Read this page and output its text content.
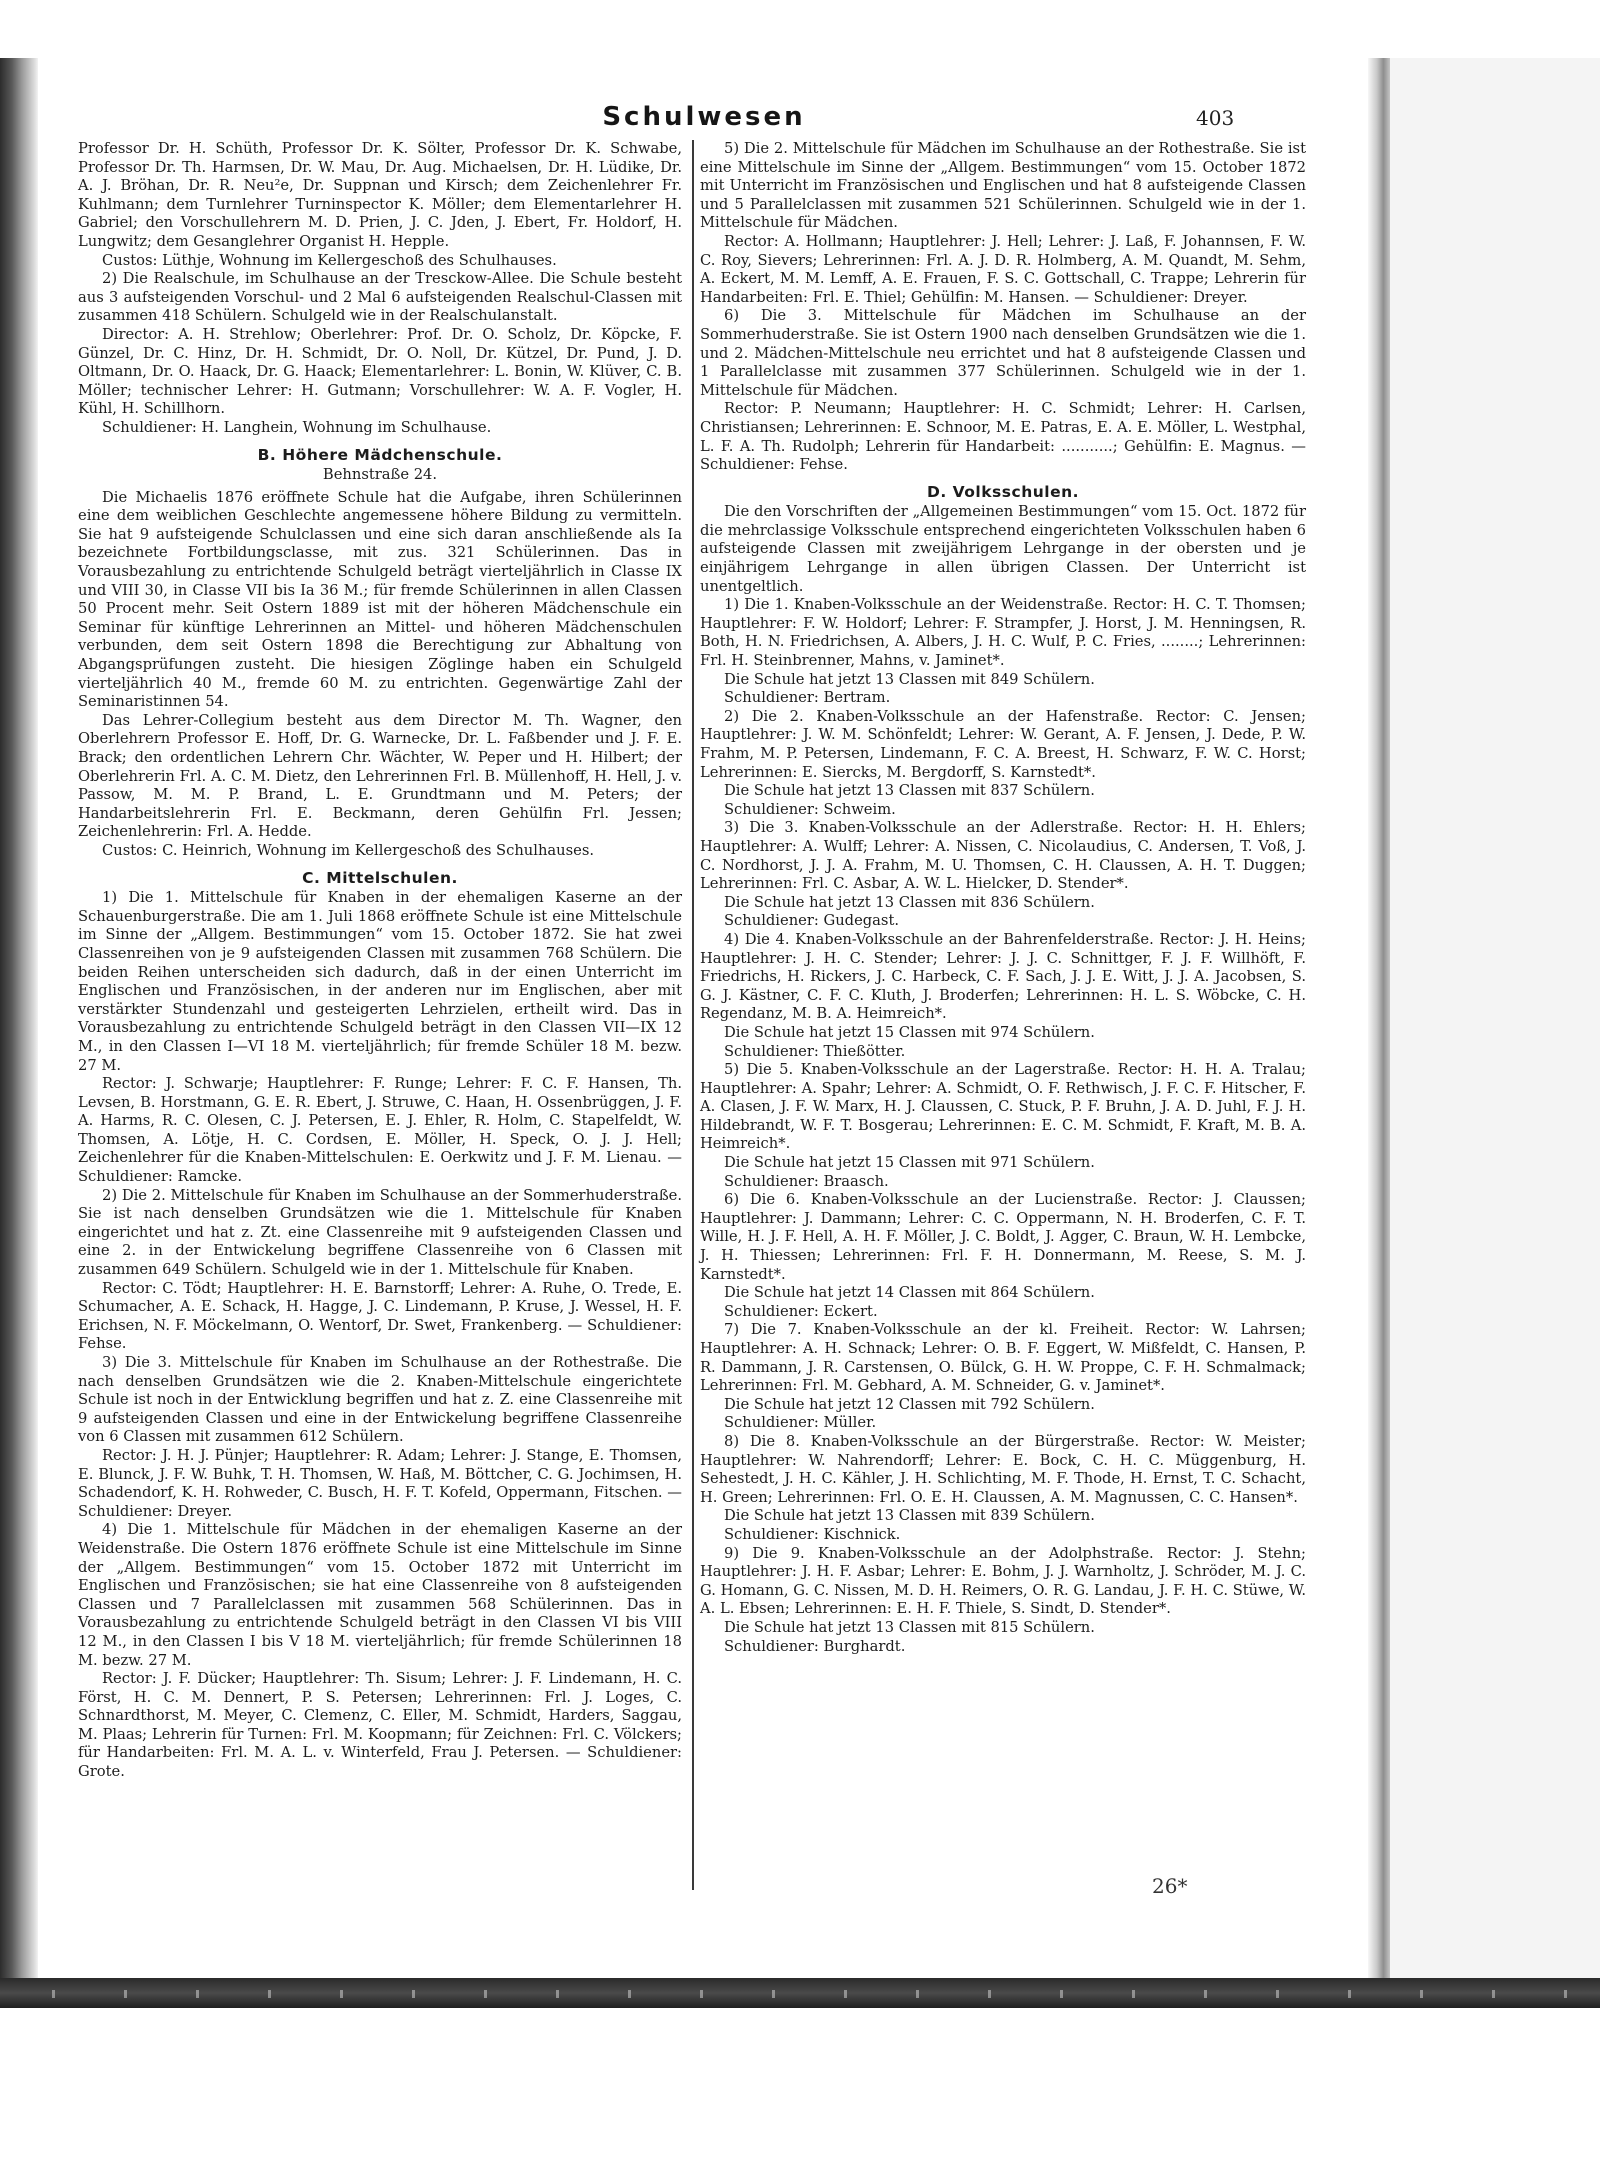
Schulwesen	403

Professor Dr. H. Schüth, Professor Dr. K. Sölter, Professor Dr. K. Schwabe, Professor Dr. Th. Harmsen, Dr. W. Mau, Dr. Aug. Michaelsen, Dr. H. Lüdike, Dr. A. J. Bröhan, Dr. R. Neu²e, Dr. Suppnan und Kirsch; dem Zeichenlehrer Fr. Kuhlmann; dem Turnlehrer Turninspector K. Möller; dem Elementarlehrer H. Gabriel; den Vorschullehrern M. D. Prien, J. C. Jden, J. Ebert, Fr. Holdorf, H. Lungwitz; dem Gesanglehrer Organist H. Hepple.

Custos: Lüthje, Wohnung im Kellergeschoß des Schulhauses.

2) Die Realschule, im Schulhause an der Tresckow-Allee. Die Schule besteht aus 3 aufsteigenden Vorschul- und 2 Mal 6 aufsteigenden Realschul-Classen mit zusammen 418 Schülern. Schulgeld wie in der Realschulanstalt.

Director: A. H. Strehlow; Oberlehrer: Prof. Dr. O. Scholz, Dr. Köpcke, F. Günzel, Dr. C. Hinz, Dr. H. Schmidt, Dr. O. Noll, Dr. Kützel, Dr. Pund, J. D. Oltmann, Dr. O. Haack, Dr. G. Haack; Elementarlehrer: L. Bonin, W. Klüver, C. B. Möller; technischer Lehrer: H. Gutmann; Vorschullehrer: W. A. F. Vogler, H. Kühl, H. Schillhorn.

Schuldiener: H. Langhein, Wohnung im Schulhause.

B. Höhere Mädchenschule.
Behnstraße 24.

Die Michaelis 1876 eröffnete Schule hat die Aufgabe, ihren Schülerinnen eine dem weiblichen Geschlechte angemessene höhere Bildung zu vermitteln. Sie hat 9 aufsteigende Schulclassen und eine sich daran anschließende als Ia bezeichnete Fortbildungsclasse, mit zus. 321 Schülerinnen. Das in Vorausbezahlung zu entrichtende Schulgeld beträgt vierteljährlich in Classe IX und VIII 30, in Classe VII bis Ia 36 M.; für fremde Schülerinnen in allen Classen 50 Procent mehr. Seit Ostern 1889 ist mit der höheren Mädchenschule ein Seminar für künftige Lehrerinnen an Mittel- und höheren Mädchenschulen verbunden, dem seit Ostern 1898 die Berechtigung zur Abhaltung von Abgangsprüfungen zusteht. Die hiesigen Zöglinge haben ein Schulgeld vierteljährlich 40 M., fremde 60 M. zu entrichten. Gegenwärtige Zahl der Seminaristinnen 54.

Das Lehrer-Collegium besteht aus dem Director M. Th. Wagner, den Oberlehrern Professor E. Hoff, Dr. G. Warnecke, Dr. L. Faßbender und J. F. E. Brack; den ordentlichen Lehrern Chr. Wächter, W. Peper und H. Hilbert; der Oberlehrerin Frl. A. C. M. Dietz, den Lehrerinnen Frl. B. Müllenhoff, H. Hell, J. v. Passow, M. M. P. Brand, L. E. Grundtmann und M. Peters; der Handarbeitslehrerin Frl. E. Beckmann, deren Gehülfin Frl. Jessen; Zeichenlehrerin: Frl. A. Hedde.

Custos: C. Heinrich, Wohnung im Kellergeschoß des Schulhauses.

C. Mittelschulen.

1) Die 1. Mittelschule für Knaben in der ehemaligen Kaserne an der Schauenburgerstraße. Die am 1. Juli 1868 eröffnete Schule ist eine Mittelschule im Sinne der „Allgem. Bestimmungen“ vom 15. October 1872. Sie hat zwei Classenreihen von je 9 aufsteigenden Classen mit zusammen 768 Schülern. Die beiden Reihen unterscheiden sich dadurch, daß in der einen Unterricht im Englischen und Französischen, in der anderen nur im Englischen, aber mit verstärkter Stundenzahl und gesteigerten Lehrzielen, ertheilt wird. Das in Vorausbezahlung zu entrichtende Schulgeld beträgt in den Classen VII—IX 12 M., in den Classen I—VI 18 M. vierteljährlich; für fremde Schüler 18 M. bezw. 27 M.

Rector: J. Schwarje; Hauptlehrer: F. Runge; Lehrer: F. C. F. Hansen, Th. Levsen, B. Horstmann, G. E. R. Ebert, J. Struwe, C. Haan, H. Ossenbrüggen, J. F. A. Harms, R. C. Olesen, C. J. Petersen, E. J. Ehler, R. Holm, C. Stapelfeldt, W. Thomsen, A. Lötje, H. C. Cordsen, E. Möller, H. Speck, O. J. J. Hell; Zeichenlehrer für die Knaben-Mittelschulen: E. Oerkwitz und J. F. M. Lienau. — Schuldiener: Ramcke.

2) Die 2. Mittelschule für Knaben im Schulhause an der Sommerhuderstraße. Sie ist nach denselben Grundsätzen wie die 1. Mittelschule für Knaben eingerichtet und hat z. Zt. eine Classenreihe mit 9 aufsteigenden Classen und eine 2. in der Entwickelung begriffene Classenreihe von 6 Classen mit zusammen 649 Schülern. Schulgeld wie in der 1. Mittelschule für Knaben.

Rector: C. Tödt; Hauptlehrer: H. E. Barnstorff; Lehrer: A. Ruhe, O. Trede, E. Schumacher, A. E. Schack, H. Hagge, J. C. Lindemann, P. Kruse, J. Wessel, H. F. Erichsen, N. F. Möckelmann, O. Wentorf, Dr. Swet, Frankenberg. — Schuldiener: Fehse.

3) Die 3. Mittelschule für Knaben im Schulhause an der Rothestraße. Die nach denselben Grundsätzen wie die 2. Knaben-Mittelschule eingerichtete Schule ist noch in der Entwicklung begriffen und hat z. Z. eine Classenreihe mit 9 aufsteigenden Classen und eine in der Entwickelung begriffene Classenreihe von 6 Classen mit zusammen 612 Schülern.

Rector: J. H. J. Pünjer; Hauptlehrer: R. Adam; Lehrer: J. Stange, E. Thomsen, E. Blunck, J. F. W. Buhk, T. H. Thomsen, W. Haß, M. Böttcher, C. G. Jochimsen, H. Schadendorf, K. H. Rohweder, C. Busch, H. F. T. Kofeld, Oppermann, Fitschen. — Schuldiener: Dreyer.

4) Die 1. Mittelschule für Mädchen in der ehemaligen Kaserne an der Weidenstraße. Die Ostern 1876 eröffnete Schule ist eine Mittelschule im Sinne der „Allgem. Bestimmungen“ vom 15. October 1872 mit Unterricht im Englischen und Französischen; sie hat eine Classenreihe von 8 aufsteigenden Classen und 7 Parallelclassen mit zusammen 568 Schülerinnen. Das in Vorausbezahlung zu entrichtende Schulgeld beträgt in den Classen VI bis VIII 12 M., in den Classen I bis V 18 M. vierteljährlich; für fremde Schülerinnen 18 M. bezw. 27 M.

Rector: J. F. Dücker; Hauptlehrer: Th. Sisum; Lehrer: J. F. Lindemann, H. C. Först, H. C. M. Dennert, P. S. Petersen; Lehrerinnen: Frl. J. Loges, C. Schnardthorst, M. Meyer, C. Clemenz, C. Eller, M. Schmidt, Harders, Saggau, M. Plaas; Lehrerin für Turnen: Frl. M. Koopmann; für Zeichnen: Frl. C. Völckers; für Handarbeiten: Frl. M. A. L. v. Winterfeld, Frau J. Petersen. — Schuldiener: Grote.

5) Die 2. Mittelschule für Mädchen im Schulhause an der Rothestraße. Sie ist eine Mittelschule im Sinne der „Allgem. Bestimmungen“ vom 15. October 1872 mit Unterricht im Französischen und Englischen und hat 8 aufsteigende Classen und 5 Parallelclassen mit zusammen 521 Schülerinnen. Schulgeld wie in der 1. Mittelschule für Mädchen.

Rector: A. Hollmann; Hauptlehrer: J. Hell; Lehrer: J. Laß, F. Johannsen, F. W. C. Roy, Sievers; Lehrerinnen: Frl. A. J. D. R. Holmberg, A. M. Quandt, M. Sehm, A. Eckert, M. M. Lemff, A. E. Frauen, F. S. C. Gottschall, C. Trappe; Lehrerin für Handarbeiten: Frl. E. Thiel; Gehülfin: M. Hansen. — Schuldiener: Dreyer.

6) Die 3. Mittelschule für Mädchen im Schulhause an der Sommerhuderstraße. Sie ist Ostern 1900 nach denselben Grundsätzen wie die 1. und 2. Mädchen-Mittelschule neu errichtet und hat 8 aufsteigende Classen und 1 Parallelclasse mit zusammen 377 Schülerinnen. Schulgeld wie in der 1. Mittelschule für Mädchen.

Rector: P. Neumann; Hauptlehrer: H. C. Schmidt; Lehrer: H. Carlsen, Christiansen; Lehrerinnen: E. Schnoor, M. E. Patras, E. A. E. Möller, L. Westphal, L. F. A. Th. Rudolph; Lehrerin für Handarbeit: ...........; Gehülfin: E. Magnus. — Schuldiener: Fehse.

D. Volksschulen.

Die den Vorschriften der „Allgemeinen Bestimmungen“ vom 15. Oct. 1872 für die mehrclassige Volksschule entsprechend eingerichteten Volksschulen haben 6 aufsteigende Classen mit zweijährigem Lehrgange in der obersten und je einjährigem Lehrgange in allen übrigen Classen. Der Unterricht ist unentgeltlich.

1) Die 1. Knaben-Volksschule an der Weidenstraße. Rector: H. C. T. Thomsen; Hauptlehrer: F. W. Holdorf; Lehrer: F. Strampfer, J. Horst, J. M. Henningsen, R. Both, H. N. Friedrichsen, A. Albers, J. H. C. Wulf, P. C. Fries, ........; Lehrerinnen: Frl. H. Steinbrenner, Mahns, v. Jaminet*.

Die Schule hat jetzt 13 Classen mit 849 Schülern.

Schuldiener: Bertram.

2) Die 2. Knaben-Volksschule an der Hafenstraße. Rector: C. Jensen; Hauptlehrer: J. W. M. Schönfeldt; Lehrer: W. Gerant, A. F. Jensen, J. Dede, P. W. Frahm, M. P. Petersen, Lindemann, F. C. A. Breest, H. Schwarz, F. W. C. Horst; Lehrerinnen: E. Siercks, M. Bergdorff, S. Karnstedt*.

Die Schule hat jetzt 13 Classen mit 837 Schülern.

Schuldiener: Schweim.

3) Die 3. Knaben-Volksschule an der Adlerstraße. Rector: H. H. Ehlers; Hauptlehrer: A. Wulff; Lehrer: A. Nissen, C. Nicolaudius, C. Andersen, T. Voß, J. C. Nordhorst, J. J. A. Frahm, M. U. Thomsen, C. H. Claussen, A. H. T. Duggen; Lehrerinnen: Frl. C. Asbar, A. W. L. Hielcker, D. Stender*.

Die Schule hat jetzt 13 Classen mit 836 Schülern.

Schuldiener: Gudegast.

4) Die 4. Knaben-Volksschule an der Bahrenfelderstraße. Rector: J. H. Heins; Hauptlehrer: J. H. C. Stender; Lehrer: J. J. C. Schnittger, F. J. F. Willhöft, F. Friedrichs, H. Rickers, J. C. Harbeck, C. F. Sach, J. J. E. Witt, J. J. A. Jacobsen, S. G. J. Kästner, C. F. C. Kluth, J. Broderfen; Lehrerinnen: H. L. S. Wöbcke, C. H. Regendanz, M. B. A. Heimreich*.

Die Schule hat jetzt 15 Classen mit 974 Schülern.

Schuldiener: Thießötter.

5) Die 5. Knaben-Volksschule an der Lagerstraße. Rector: H. H. A. Tralau; Hauptlehrer: A. Spahr; Lehrer: A. Schmidt, O. F. Rethwisch, J. F. C. F. Hitscher, F. A. Clasen, J. F. W. Marx, H. J. Claussen, C. Stuck, P. F. Bruhn, J. A. D. Juhl, F. J. H. Hildebrandt, W. F. T. Bosgerau; Lehrerinnen: E. C. M. Schmidt, F. Kraft, M. B. A. Heimreich*.

Die Schule hat jetzt 15 Classen mit 971 Schülern.

Schuldiener: Braasch.

6) Die 6. Knaben-Volksschule an der Lucienstraße. Rector: J. Claussen; Hauptlehrer: J. Dammann; Lehrer: C. C. Oppermann, N. H. Broderfen, C. F. T. Wille, H. J. F. Hell, A. H. F. Möller, J. C. Boldt, J. Agger, C. Braun, W. H. Lembcke, J. H. Thiessen; Lehrerinnen: Frl. F. H. Donnermann, M. Reese, S. M. J. Karnstedt*.

Die Schule hat jetzt 14 Classen mit 864 Schülern.

Schuldiener: Eckert.

7) Die 7. Knaben-Volksschule an der kl. Freiheit. Rector: W. Lahrsen; Hauptlehrer: A. H. Schnack; Lehrer: O. B. F. Eggert, W. Mißfeldt, C. Hansen, P. R. Dammann, J. R. Carstensen, O. Bülck, G. H. W. Proppe, C. F. H. Schmalmack; Lehrerinnen: Frl. M. Gebhard, A. M. Schneider, G. v. Jaminet*.

Die Schule hat jetzt 12 Classen mit 792 Schülern.

Schuldiener: Müller.

8) Die 8. Knaben-Volksschule an der Bürgerstraße. Rector: W. Meister; Hauptlehrer: W. Nahrendorff; Lehrer: E. Bock, C. H. C. Müggenburg, H. Sehestedt, J. H. C. Kähler, J. H. Schlichting, M. F. Thode, H. Ernst, T. C. Schacht, H. Green; Lehrerinnen: Frl. O. E. H. Claussen, A. M. Magnussen, C. C. Hansen*.

Die Schule hat jetzt 13 Classen mit 839 Schülern.

Schuldiener: Kischnick.

9) Die 9. Knaben-Volksschule an der Adolphstraße. Rector: J. Stehn; Hauptlehrer: J. H. F. Asbar; Lehrer: E. Bohm, J. J. Warnholtz, J. Schröder, M. J. C. G. Homann, G. C. Nissen, M. D. H. Reimers, O. R. G. Landau, J. F. H. C. Stüwe, W. A. L. Ebsen; Lehrerinnen: E. H. F. Thiele, S. Sindt, D. Stender*.

Die Schule hat jetzt 13 Classen mit 815 Schülern.

Schuldiener: Burghardt.

26*
